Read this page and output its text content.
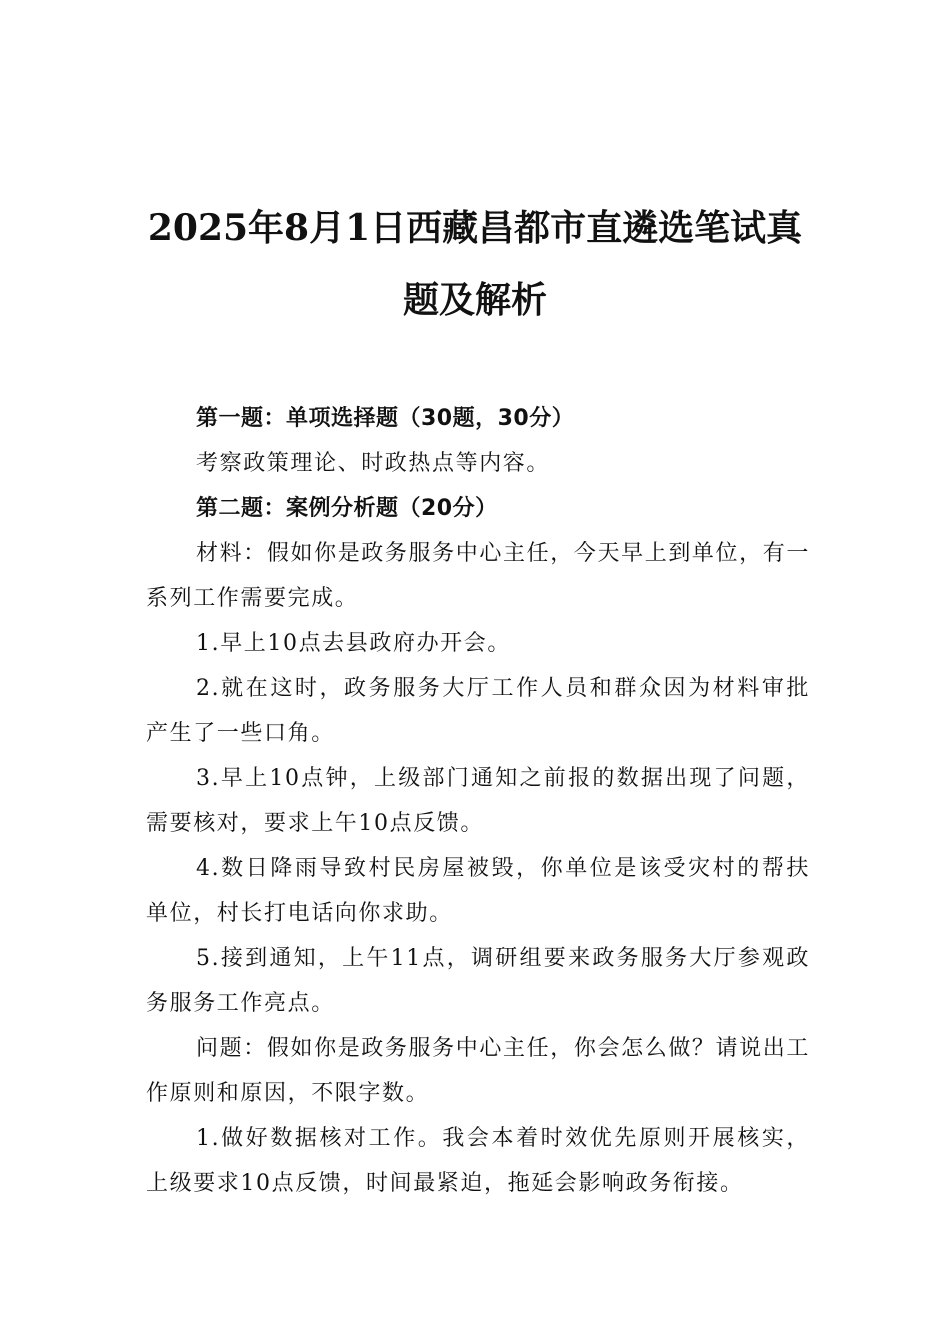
2025年8月1日西藏昌都市直遴选笔试真
题及解析

第一题：单项选择题（30题，30分）

考察政策理论、时政热点等内容。

第二题：案例分析题（20分）

材料：假如你是政务服务中心主任，今天早上到单位，有一系列工作需要完成。

1.早上10点去县政府办开会。

2.就在这时，政务服务大厅工作人员和群众因为材料审批产生了一些口角。

3.早上10点钟，上级部门通知之前报的数据出现了问题，需要核对，要求上午10点反馈。

4.数日降雨导致村民房屋被毁，你单位是该受灾村的帮扶单位，村长打电话向你求助。

5.接到通知，上午11点，调研组要来政务服务大厅参观政务服务工作亮点。

问题：假如你是政务服务中心主任，你会怎么做？请说出工作原则和原因，不限字数。

1.做好数据核对工作。我会本着时效优先原则开展核实，上级要求10点反馈，时间最紧迫，拖延会影响政务衔接。
